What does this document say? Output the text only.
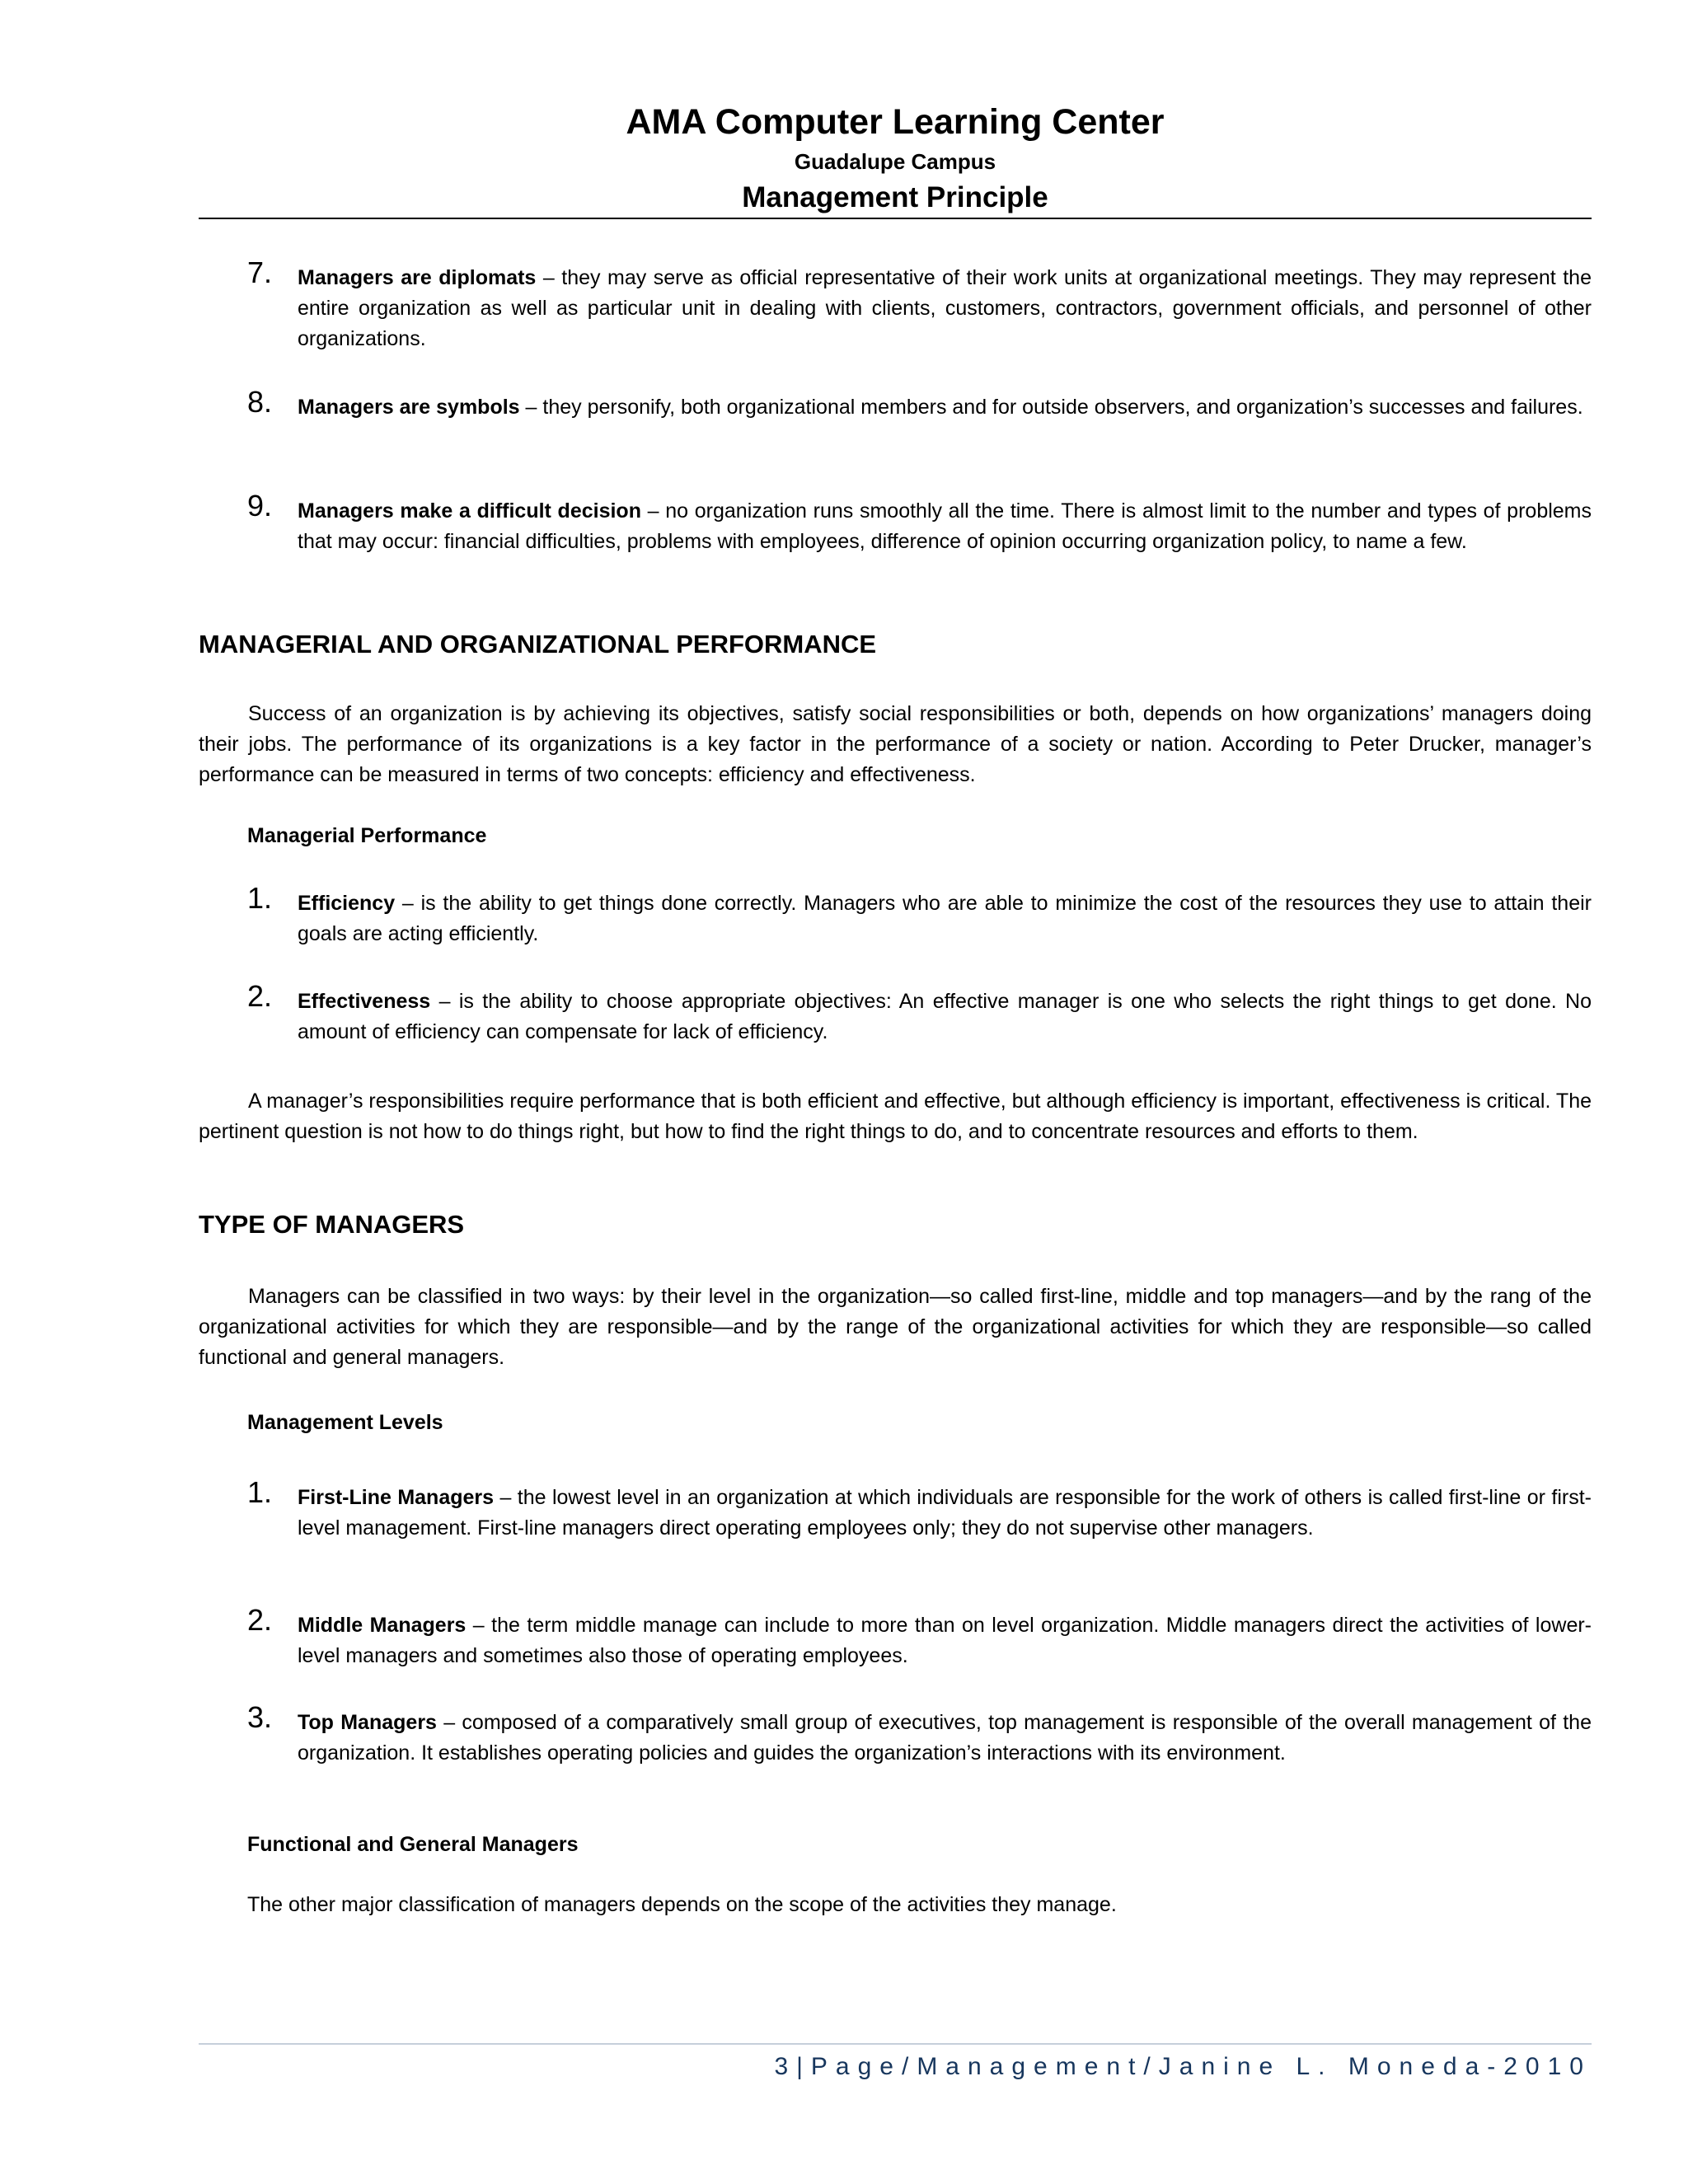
AMA Computer Learning Center
Guadalupe Campus
Management Principle
7. Managers are diplomats – they may serve as official representative of their work units at organizational meetings. They may represent the entire organization as well as particular unit in dealing with clients, customers, contractors, government officials, and personnel of other organizations.
8. Managers are symbols – they personify, both organizational members and for outside observers, and organization’s successes and failures.
9. Managers make a difficult decision – no organization runs smoothly all the time. There is almost limit to the number and types of problems that may occur: financial difficulties, problems with employees, difference of opinion occurring organization policy, to name a few.
MANAGERIAL AND ORGANIZATIONAL PERFORMANCE
Success of an organization is by achieving its objectives, satisfy social responsibilities or both, depends on how organizations’ managers doing their jobs. The performance of its organizations is a key factor in the performance of a society or nation. According to Peter Drucker, manager’s performance can be measured in terms of two concepts: efficiency and effectiveness.
Managerial Performance
1. Efficiency – is the ability to get things done correctly. Managers who are able to minimize the cost of the resources they use to attain their goals are acting efficiently.
2. Effectiveness – is the ability to choose appropriate objectives: An effective manager is one who selects the right things to get done. No amount of efficiency can compensate for lack of efficiency.
A manager’s responsibilities require performance that is both efficient and effective, but although efficiency is important, effectiveness is critical. The pertinent question is not how to do things right, but how to find the right things to do, and to concentrate resources and efforts to them.
TYPE OF MANAGERS
Managers can be classified in two ways: by their level in the organization—so called first-line, middle and top managers—and by the rang of the organizational activities for which they are responsible—and by the range of the organizational activities for which they are responsible—so called functional and general managers.
Management Levels
1. First-Line Managers – the lowest level in an organization at which individuals are responsible for the work of others is called first-line or first-level management. First-line managers direct operating employees only; they do not supervise other managers.
2. Middle Managers – the term middle manage can include to more than on level organization. Middle managers direct the activities of lower-level managers and sometimes also those of operating employees.
3. Top Managers – composed of a comparatively small group of executives, top management is responsible of the overall management of the organization. It establishes operating policies and guides the organization’s interactions with its environment.
Functional and General Managers
The other major classification of managers depends on the scope of the activities they manage.
3|Page/Management/Janine L. Moneda-2010
